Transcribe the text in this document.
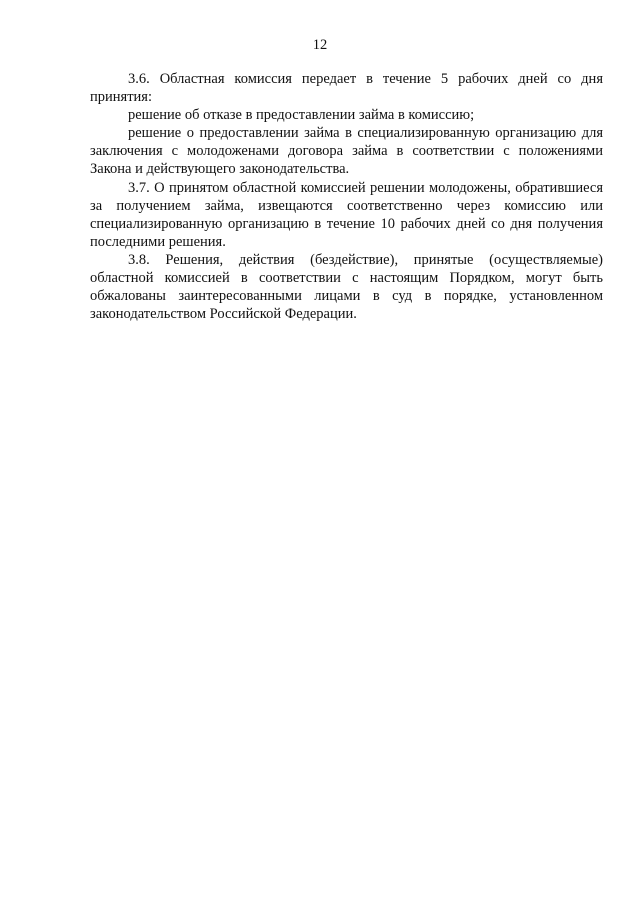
12

3.6. Областная комиссия передает в течение 5 рабочих дней со дня принятия:

решение об отказе в предоставлении займа в комиссию;

решение о предоставлении займа в специализированную организацию для заключения с молодоженами договора займа в соответствии с положениями Закона и действующего законодательства.

3.7. О принятом областной комиссией решении молодожены, обратившиеся за получением займа, извещаются соответственно через комиссию или специализированную организацию в течение 10 рабочих дней со дня получения последними решения.

3.8. Решения, действия (бездействие), принятые (осуществляемые) областной комиссией в соответствии с настоящим Порядком, могут быть обжалованы заинтересованными лицами в суд в порядке, установленном законодательством Российской Федерации.
